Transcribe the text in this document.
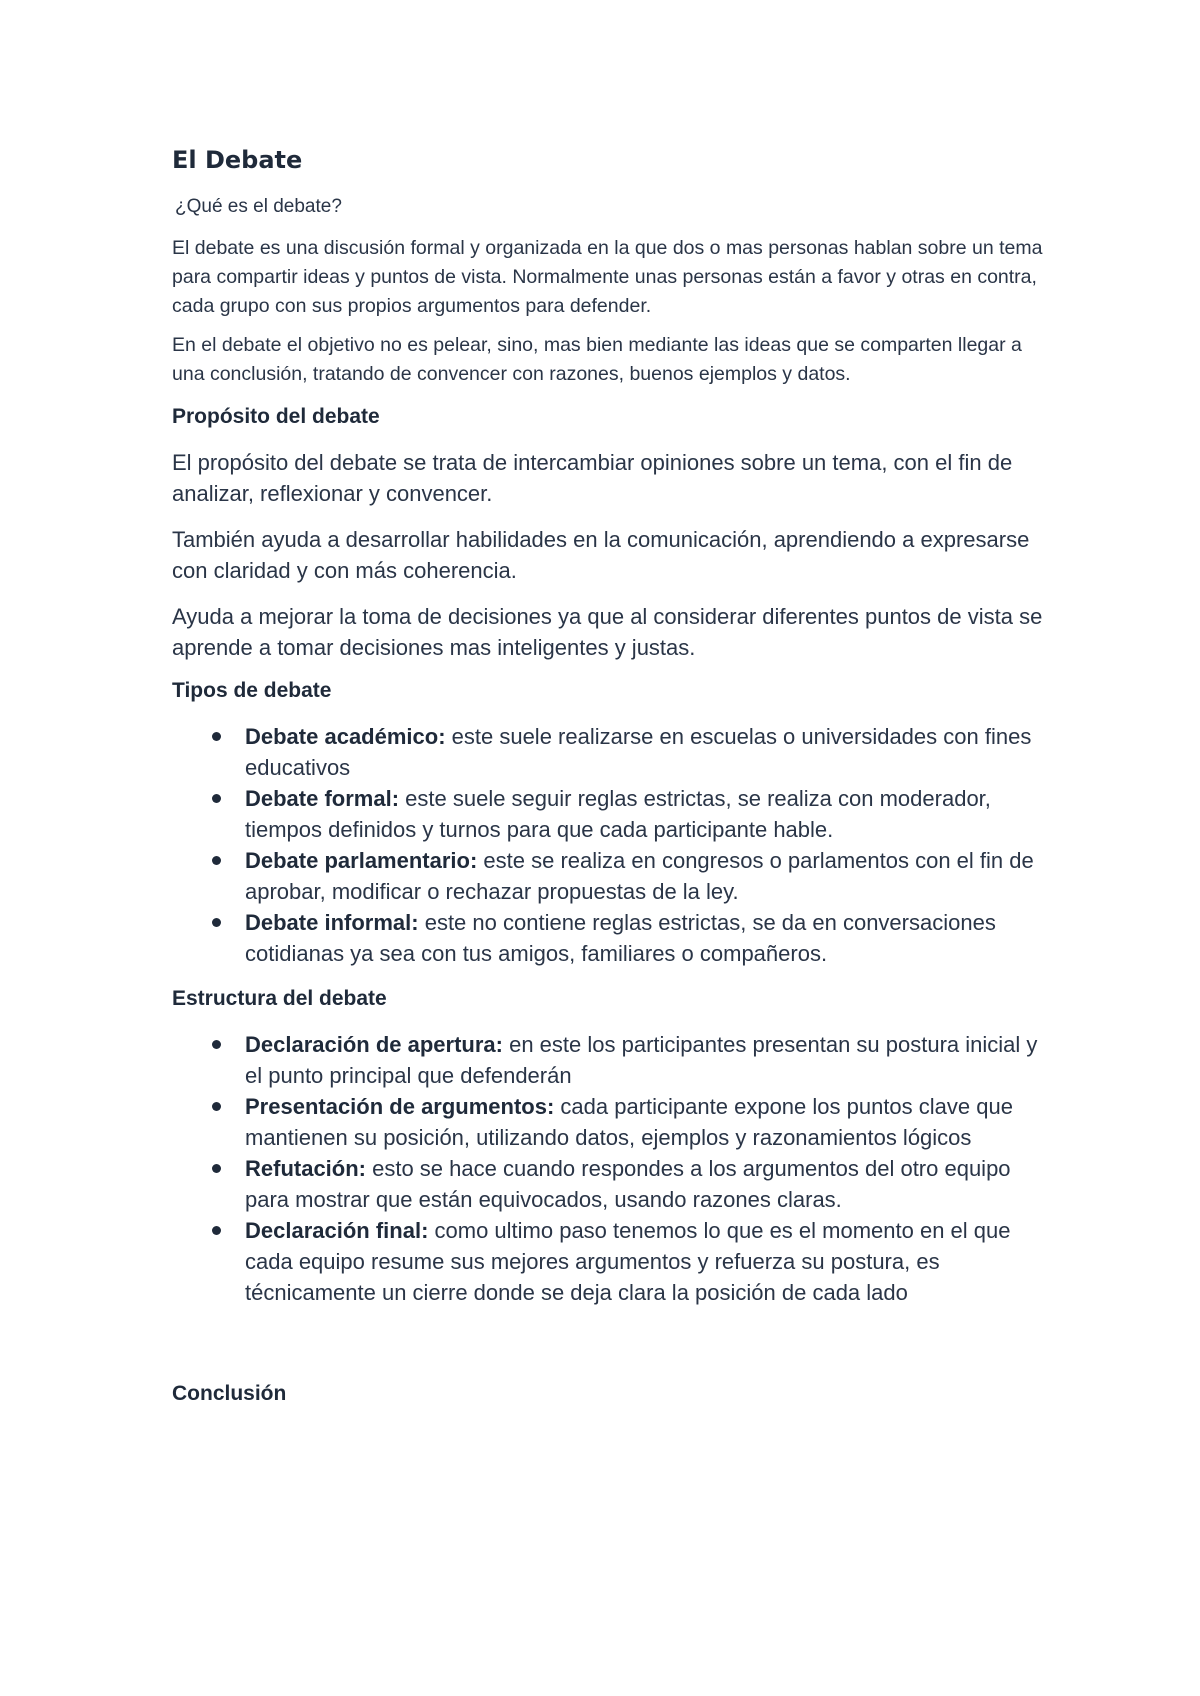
El Debate

¿Qué es el debate?

El debate es una discusión formal y organizada en la que dos o mas personas hablan sobre un tema para compartir ideas y puntos de vista. Normalmente unas personas están a favor y otras en contra, cada grupo con sus propios argumentos para defender.

En el debate el objetivo no es pelear, sino, mas bien mediante las ideas que se comparten llegar a una conclusión, tratando de convencer con razones, buenos ejemplos y datos.

Propósito del debate

El propósito del debate se trata de intercambiar opiniones sobre un tema, con el fin de analizar, reflexionar y convencer.

También ayuda a desarrollar habilidades en la comunicación, aprendiendo a expresarse con claridad y con más coherencia.

Ayuda a mejorar la toma de decisiones ya que al considerar diferentes puntos de vista se aprende a tomar decisiones mas inteligentes y justas.

Tipos de debate
Debate académico: este suele realizarse en escuelas o universidades con fines educativos
Debate formal: este suele seguir reglas estrictas, se realiza con moderador, tiempos definidos y turnos para que cada participante hable.
Debate parlamentario: este se realiza en congresos o parlamentos con el fin de aprobar, modificar o rechazar propuestas de la ley.
Debate informal: este no contiene reglas estrictas, se da en conversaciones cotidianas ya sea con tus amigos, familiares o compañeros.
Estructura del debate
Declaración de apertura: en este los participantes presentan su postura inicial y el punto principal que defenderán
Presentación de argumentos: cada participante expone los puntos clave que mantienen su posición, utilizando datos, ejemplos y razonamientos lógicos
Refutación: esto se hace cuando respondes a los argumentos del otro equipo para mostrar que están equivocados, usando razones claras.
Declaración final: como ultimo paso tenemos lo que es el momento en el que cada equipo resume sus mejores argumentos y refuerza su postura, es técnicamente un cierre donde se deja clara la posición de cada lado
Conclusión
